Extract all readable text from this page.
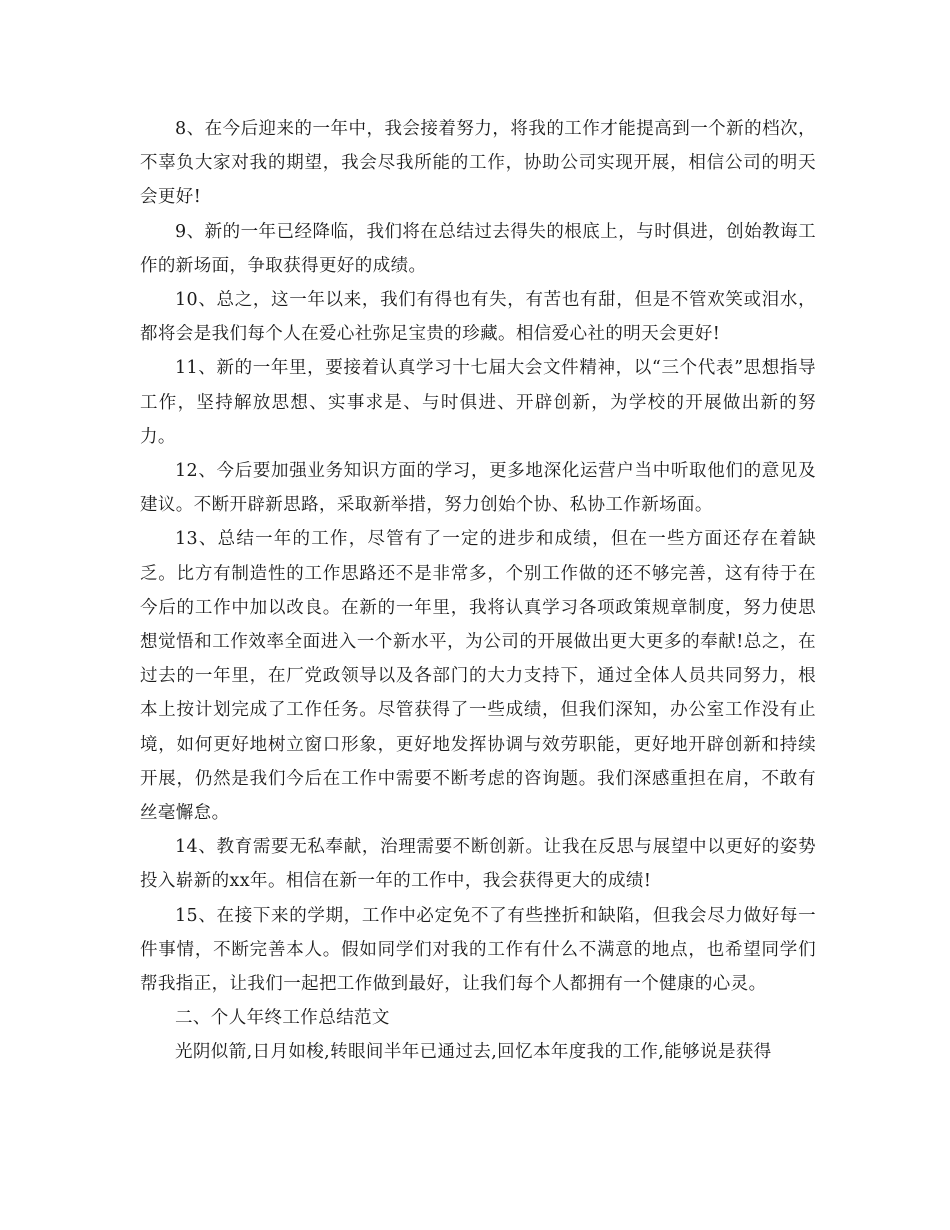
8、在今后迎来的一年中，我会接着努力，将我的工作才能提高到一个新的档次，不辜负大家对我的期望，我会尽我所能的工作，协助公司实现开展，相信公司的明天会更好!

9、新的一年已经降临，我们将在总结过去得失的根底上，与时俱进，创始教诲工作的新场面，争取获得更好的成绩。

10、总之，这一年以来，我们有得也有失，有苦也有甜，但是不管欢笑或泪水，都将会是我们每个人在爱心社弥足宝贵的珍藏。相信爱心社的明天会更好!

11、新的一年里，要接着认真学习十七届大会文件精神，以“三个代表”思想指导工作，坚持解放思想、实事求是、与时俱进、开辟创新，为学校的开展做出新的努力。

12、今后要加强业务知识方面的学习，更多地深化运营户当中听取他们的意见及建议。不断开辟新思路，采取新举措，努力创始个协、私协工作新场面。

13、总结一年的工作，尽管有了一定的进步和成绩，但在一些方面还存在着缺乏。比方有制造性的工作思路还不是非常多，个别工作做的还不够完善，这有待于在今后的工作中加以改良。在新的一年里，我将认真学习各项政策规章制度，努力使思想觉悟和工作效率全面进入一个新水平，为公司的开展做出更大更多的奉献!总之，在过去的一年里，在厂党政领导以及各部门的大力支持下，通过全体人员共同努力，根本上按计划完成了工作任务。尽管获得了一些成绩，但我们深知，办公室工作没有止境，如何更好地树立窗口形象，更好地发挥协调与效劳职能，更好地开辟创新和持续开展，仍然是我们今后在工作中需要不断考虑的咨询题。我们深感重担在肩，不敢有丝毫懈怠。

14、教育需要无私奉献，治理需要不断创新。让我在反思与展望中以更好的姿势投入崭新的xx年。相信在新一年的工作中，我会获得更大的成绩!

15、在接下来的学期，工作中必定免不了有些挫折和缺陷，但我会尽力做好每一件事情，不断完善本人。假如同学们对我的工作有什么不满意的地点，也希望同学们帮我指正，让我们一起把工作做到最好，让我们每个人都拥有一个健康的心灵。

二、个人年终工作总结范文

光阴似箭,日月如梭,转眼间半年已通过去,回忆本年度我的工作,能够说是获得
